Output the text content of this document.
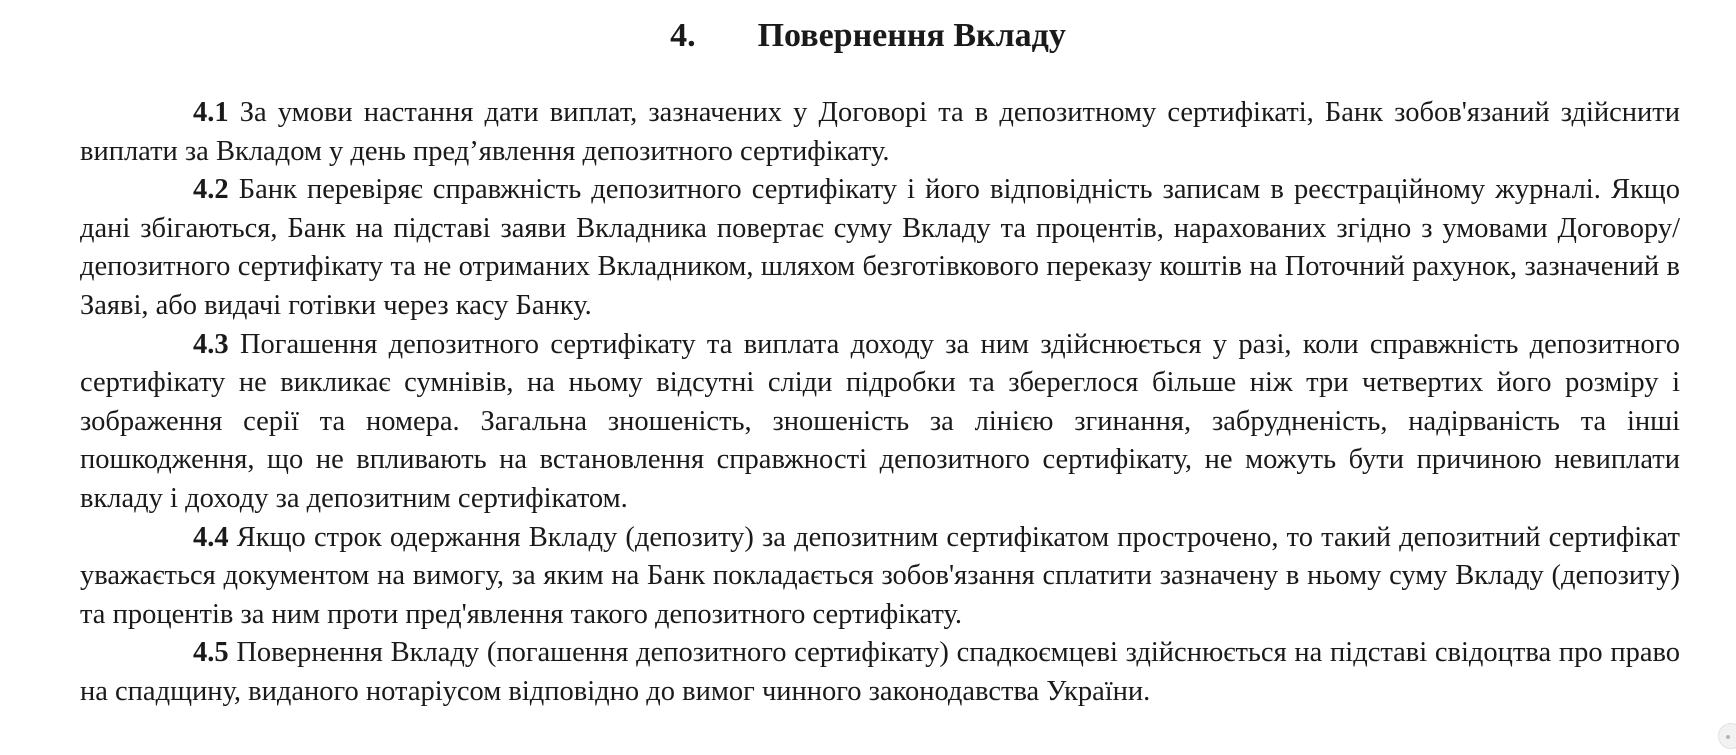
4. Повернення Вкладу

4.1 За умови настання дати виплат, зазначених у Договорі та в депозитному сертифікаті, Банк зобов'язаний здійснити виплати за Вкладом у день пред’явлення депозитного сертифікату.

4.2 Банк перевіряє справжність депозитного сертифікату і його відповідність записам в реєстраційному журналі. Якщо дані збігаються, Банк на підставі заяви Вкладника повертає суму Вкладу та процентів, нарахованих згідно з умовами Договору/депозитного сертифікату та не отриманих Вкладником, шляхом безготівкового переказу коштів на Поточний рахунок, зазначений в Заяві, або видачі готівки через касу Банку.

4.3 Погашення депозитного сертифікату та виплата доходу за ним здійснюється у разі, коли справжність депозитного сертифікату не викликає сумнівів, на ньому відсутні сліди підробки та збереглося більше ніж три четвертих його розміру і зображення серії та номера. Загальна зношеність, зношеність за лінією згинання, забрудненість, надірваність та інші пошкодження, що не впливають на встановлення справжності депозитного сертифікату, не можуть бути причиною невиплати вкладу і доходу за депозитним сертифікатом.

4.4 Якщо строк одержання Вкладу (депозиту) за депозитним сертифікатом прострочено, то такий депозитний сертифікат уважається документом на вимогу, за яким на Банк покладається зобов'язання сплатити зазначену в ньому суму Вкладу (депозиту) та процентів за ним проти пред'явлення такого депозитного сертифікату.

4.5 Повернення Вкладу (погашення депозитного сертифікату) спадкоємцеві здійснюється на підставі свідоцтва про право на спадщину, виданого нотаріусом відповідно до вимог чинного законодавства України.
